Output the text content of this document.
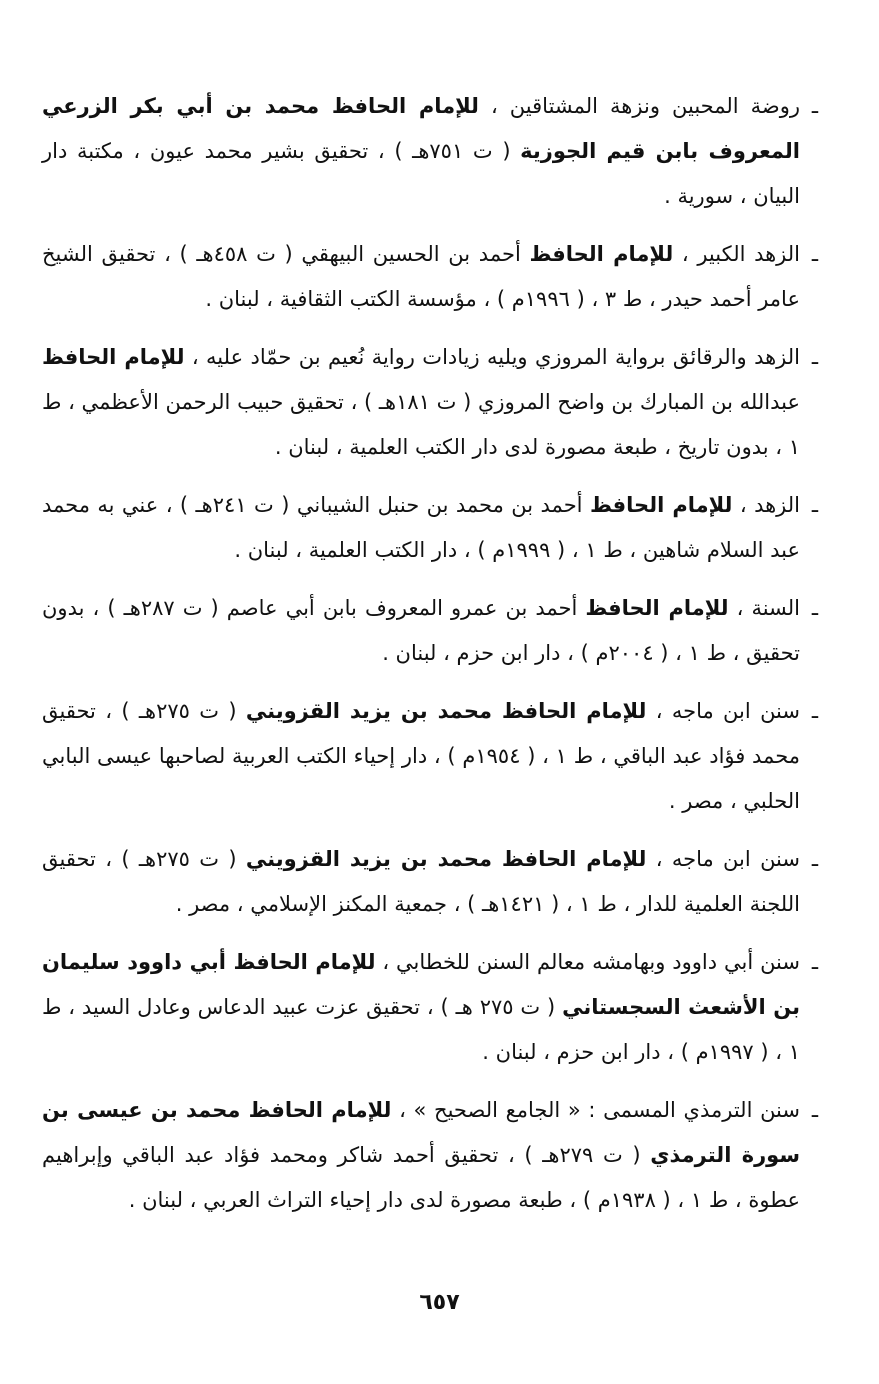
ـ
روضة المحبين ونزهة المشتاقين ، للإمام الحافظ محمد بن أبي بكر الزرعي المعروف بابن قيم الجوزية ( ت ٧٥١هـ ) ، تحقيق بشير محمد عيون ، مكتبة دار البيان ، سورية .

ـ
الزهد الكبير ، للإمام الحافظ أحمد بن الحسين البيهقي ( ت ٤٥٨هـ ) ، تحقيق الشيخ عامر أحمد حيدر ، ط ٣ ، ( ١٩٩٦م ) ، مؤسسة الكتب الثقافية ، لبنان .

ـ
الزهد والرقائق برواية المروزي ويليه زيادات رواية نُعيم بن حمّاد عليه ، للإمام الحافظ عبدالله بن المبارك بن واضح المروزي ( ت ١٨١هـ ) ، تحقيق حبيب الرحمن الأعظمي ، ط ١ ، بدون تاريخ ، طبعة مصورة لدى دار الكتب العلمية ، لبنان .

ـ
الزهد ، للإمام الحافظ أحمد بن محمد بن حنبل الشيباني ( ت ٢٤١هـ ) ، عني به محمد عبد السلام شاهين ، ط ١ ، ( ١٩٩٩م ) ، دار الكتب العلمية ، لبنان .

ـ
السنة ، للإمام الحافظ أحمد بن عمرو المعروف بابن أبي عاصم ( ت ٢٨٧هـ ) ، بدون تحقيق ، ط ١ ، ( ٢٠٠٤م ) ، دار ابن حزم ، لبنان .

ـ
سنن ابن ماجه ، للإمام الحافظ محمد بن يزيد القزويني ( ت ٢٧٥هـ ) ، تحقيق محمد فؤاد عبد الباقي ، ط ١ ، ( ١٩٥٤م ) ، دار إحياء الكتب العربية لصاحبها عيسى البابي الحلبي ، مصر .

ـ
سنن ابن ماجه ، للإمام الحافظ محمد بن يزيد القزويني ( ت ٢٧٥هـ ) ، تحقيق اللجنة العلمية للدار ، ط ١ ، ( ١٤٢١هـ ) ، جمعية المكنز الإسلامي ، مصر .

ـ
سنن أبي داوود وبهامشه معالم السنن للخطابي ، للإمام الحافظ أبي داوود سليمان بن الأشعث السجستاني ( ت ٢٧٥ هـ ) ، تحقيق عزت عبيد الدعاس وعادل السيد ، ط ١ ، ( ١٩٩٧م ) ، دار ابن حزم ، لبنان .

ـ
سنن الترمذي المسمى : « الجامع الصحيح » ، للإمام الحافظ محمد بن عيسى بن سورة الترمذي ( ت ٢٧٩هـ ) ، تحقيق أحمد شاكر ومحمد فؤاد عبد الباقي وإبراهيم عطوة ، ط ١ ، ( ١٩٣٨م ) ، طبعة مصورة لدى دار إحياء التراث العربي ، لبنان .

٦٥٧
